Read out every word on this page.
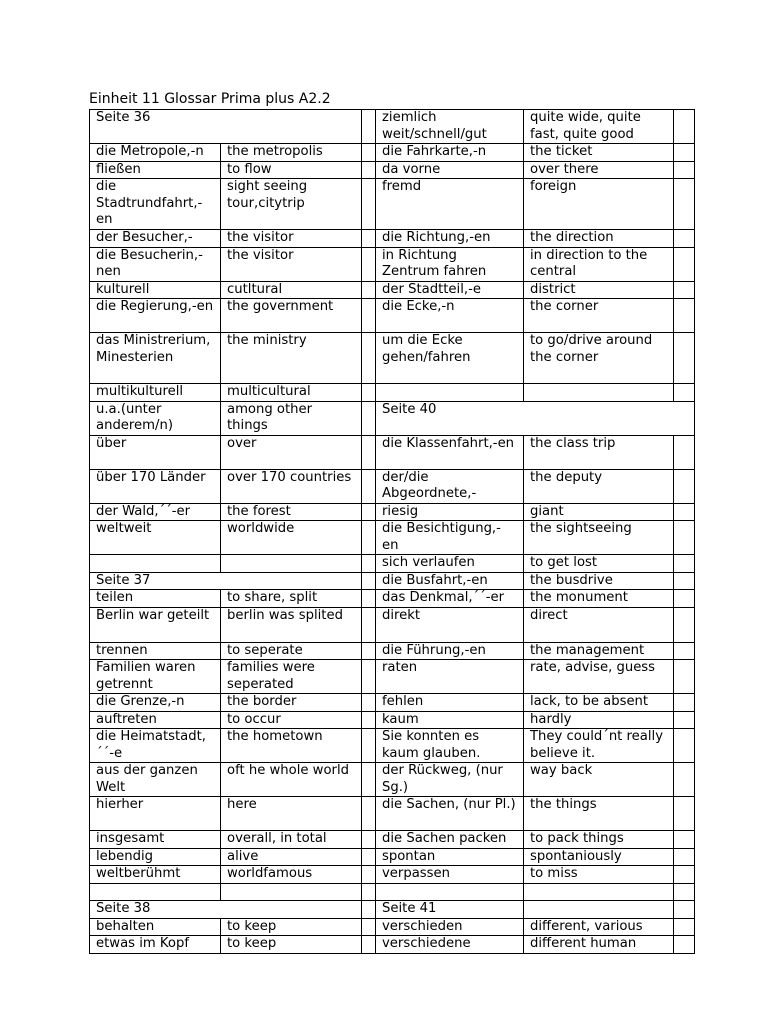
Einheit 11 Glossar Prima plus A2.2
Seite 36			ziemlich weit/schnell/gut	quite wide, quite fast, quite good	
die Metropole,-n	the metropolis		die Fahrkarte,-n	the ticket	
fließen	to flow		da vorne	over there	
die Stadtrundfahrt,-en	sight seeing tour,citytrip		fremd	foreign	
der Besucher,-	the visitor		die Richtung,-en	the direction	
die Besucherin,-nen	the visitor		in Richtung Zentrum fahren	in direction to the central	
kulturell	cutltural		der Stadtteil,-e	district	
die Regierung,-en	the government		die Ecke,-n	the corner	
das Ministrerium, Minesterien	the ministry		um die Ecke gehen/fahren	to go/drive around the corner	
multikulturell	multicultural				
u.a.(unter anderem/n)	among other things		Seite 40		
über	over		die Klassenfahrt,-en	the class trip	
über 170 Länder	over 170 countries		der/die Abgeordnete,-	the deputy	
der Wald,´´-er	the forest		riesig	giant	
weltweit	worldwide		die Besichtigung,-en	the sightseeing	
			sich verlaufen	to get lost	
Seite 37			die Busfahrt,-en	the busdrive	
teilen	to share, split		das Denkmal,´´-er	the monument	
Berlin war geteilt	berlin was splited		direkt	direct	
trennen	to seperate		die Führung,-en	the management	
Familien waren getrennt	families were seperated		raten	rate, advise, guess	
die Grenze,-n	the border		fehlen	lack, to be absent	
auftreten	to occur		kaum	hardly	
die Heimatstadt,´´-e	the hometown		Sie konnten es kaum glauben.	They could´nt really believe it.	
aus der ganzen Welt	oft he whole world		der Rückweg, (nur Sg.)	way back	
hierher	here		die Sachen, (nur Pl.)	the things	
insgesamt	overall, in total		die Sachen packen	to pack things	
lebendig	alive		spontan	spontaniously	
weltberühmt	worldfamous		verpassen	to miss	

Seite 38			Seite 41		
behalten	to keep		verschieden	different, various	
etwas im Kopf	to keep		verschiedene	different human	
